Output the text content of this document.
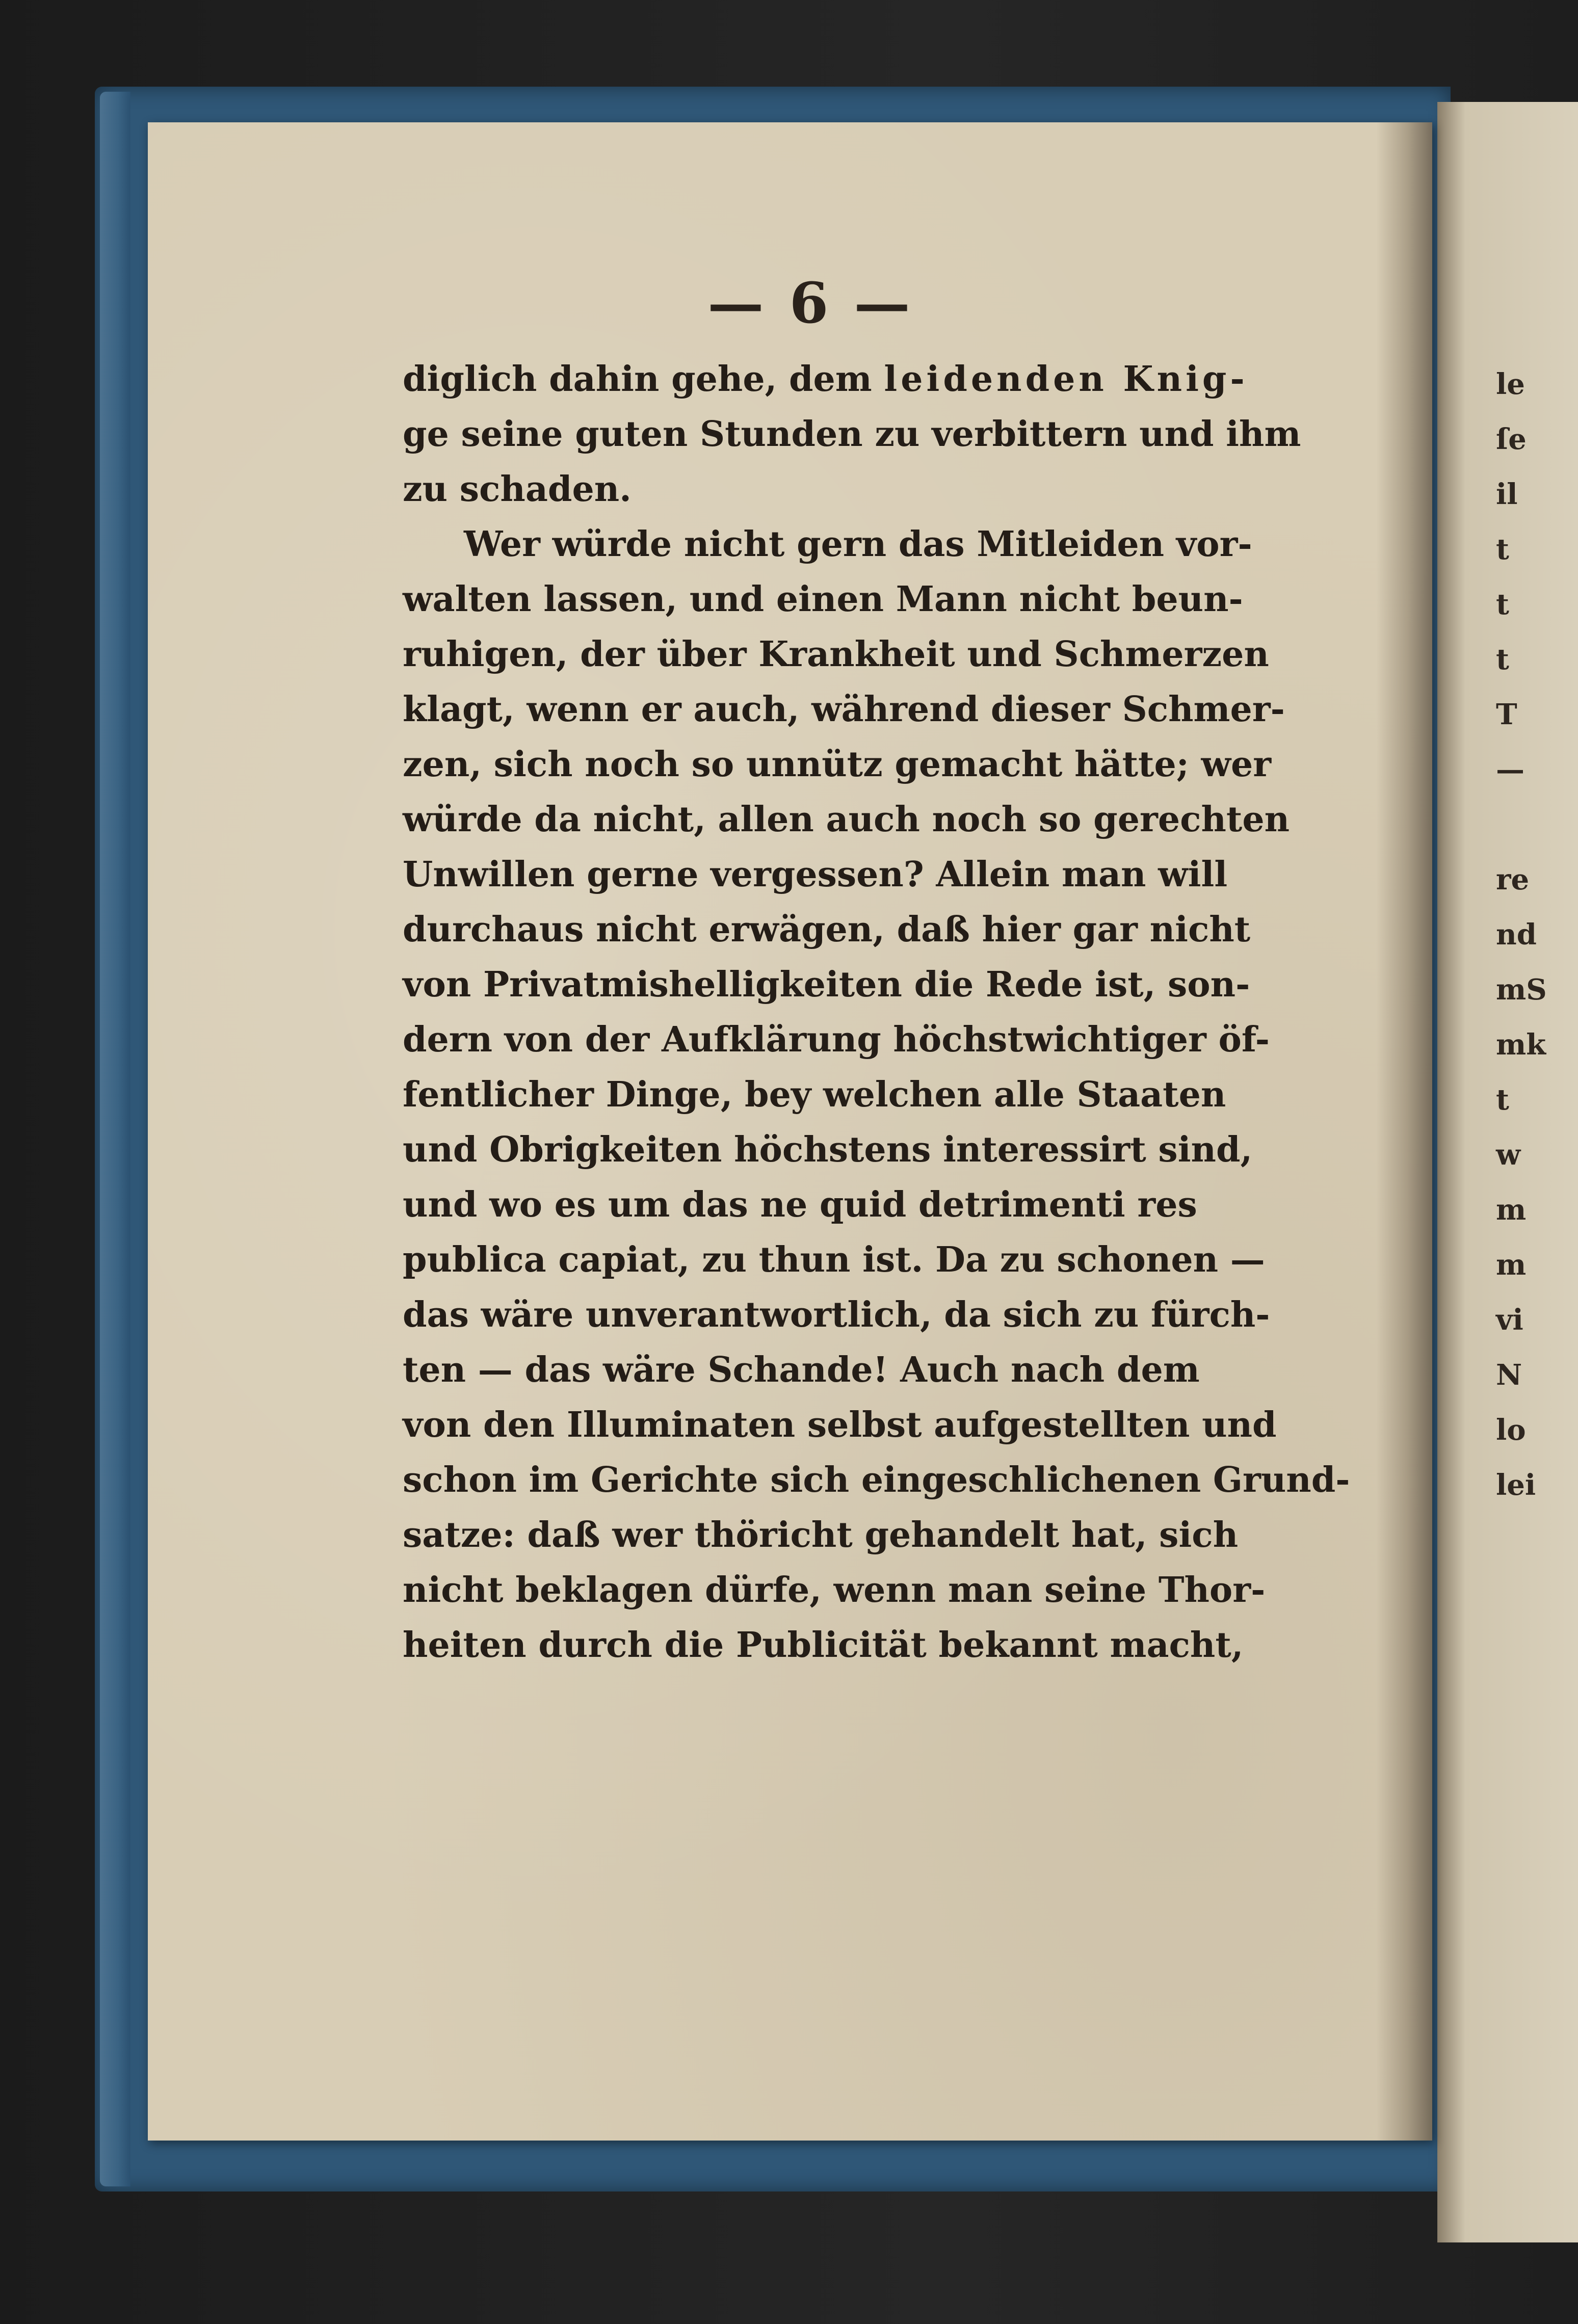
— 6 —
diglich dahin gehe, dem leidenden Knig-
ge seine guten Stunden zu verbittern und ihm
zu schaden.
Wer würde nicht gern das Mitleiden vor-
walten lassen, und einen Mann nicht beun-
ruhigen, der über Krankheit und Schmerzen
klagt, wenn er auch, während dieser Schmer-
zen, sich noch so unnütz gemacht hätte; wer
würde da nicht, allen auch noch so gerechten
Unwillen gerne vergessen? Allein man will
durchaus nicht erwägen, daß hier gar nicht
von Privatmishelligkeiten die Rede ist, son-
dern von der Aufklärung höchstwichtiger öf-
fentlicher Dinge, bey welchen alle Staaten
und Obrigkeiten höchstens interessirt sind,
und wo es um das ne quid detrimenti res
publica capiat, zu thun ist. Da zu schonen —
das wäre unverantwortlich, da sich zu fürch-
ten — das wäre Schande! Auch nach dem
von den Illuminaten selbst aufgestellten und
schon im Gerichte sich eingeschlichenen Grund-
satze: daß wer thöricht gehandelt hat, sich
nicht beklagen dürfe, wenn man seine Thor-
heiten durch die Publicität bekannt macht,
le
ſe
il
t
t
t
T
—
re
nd
mS
mk
t
w
m
m
vi
N
lo
lei
